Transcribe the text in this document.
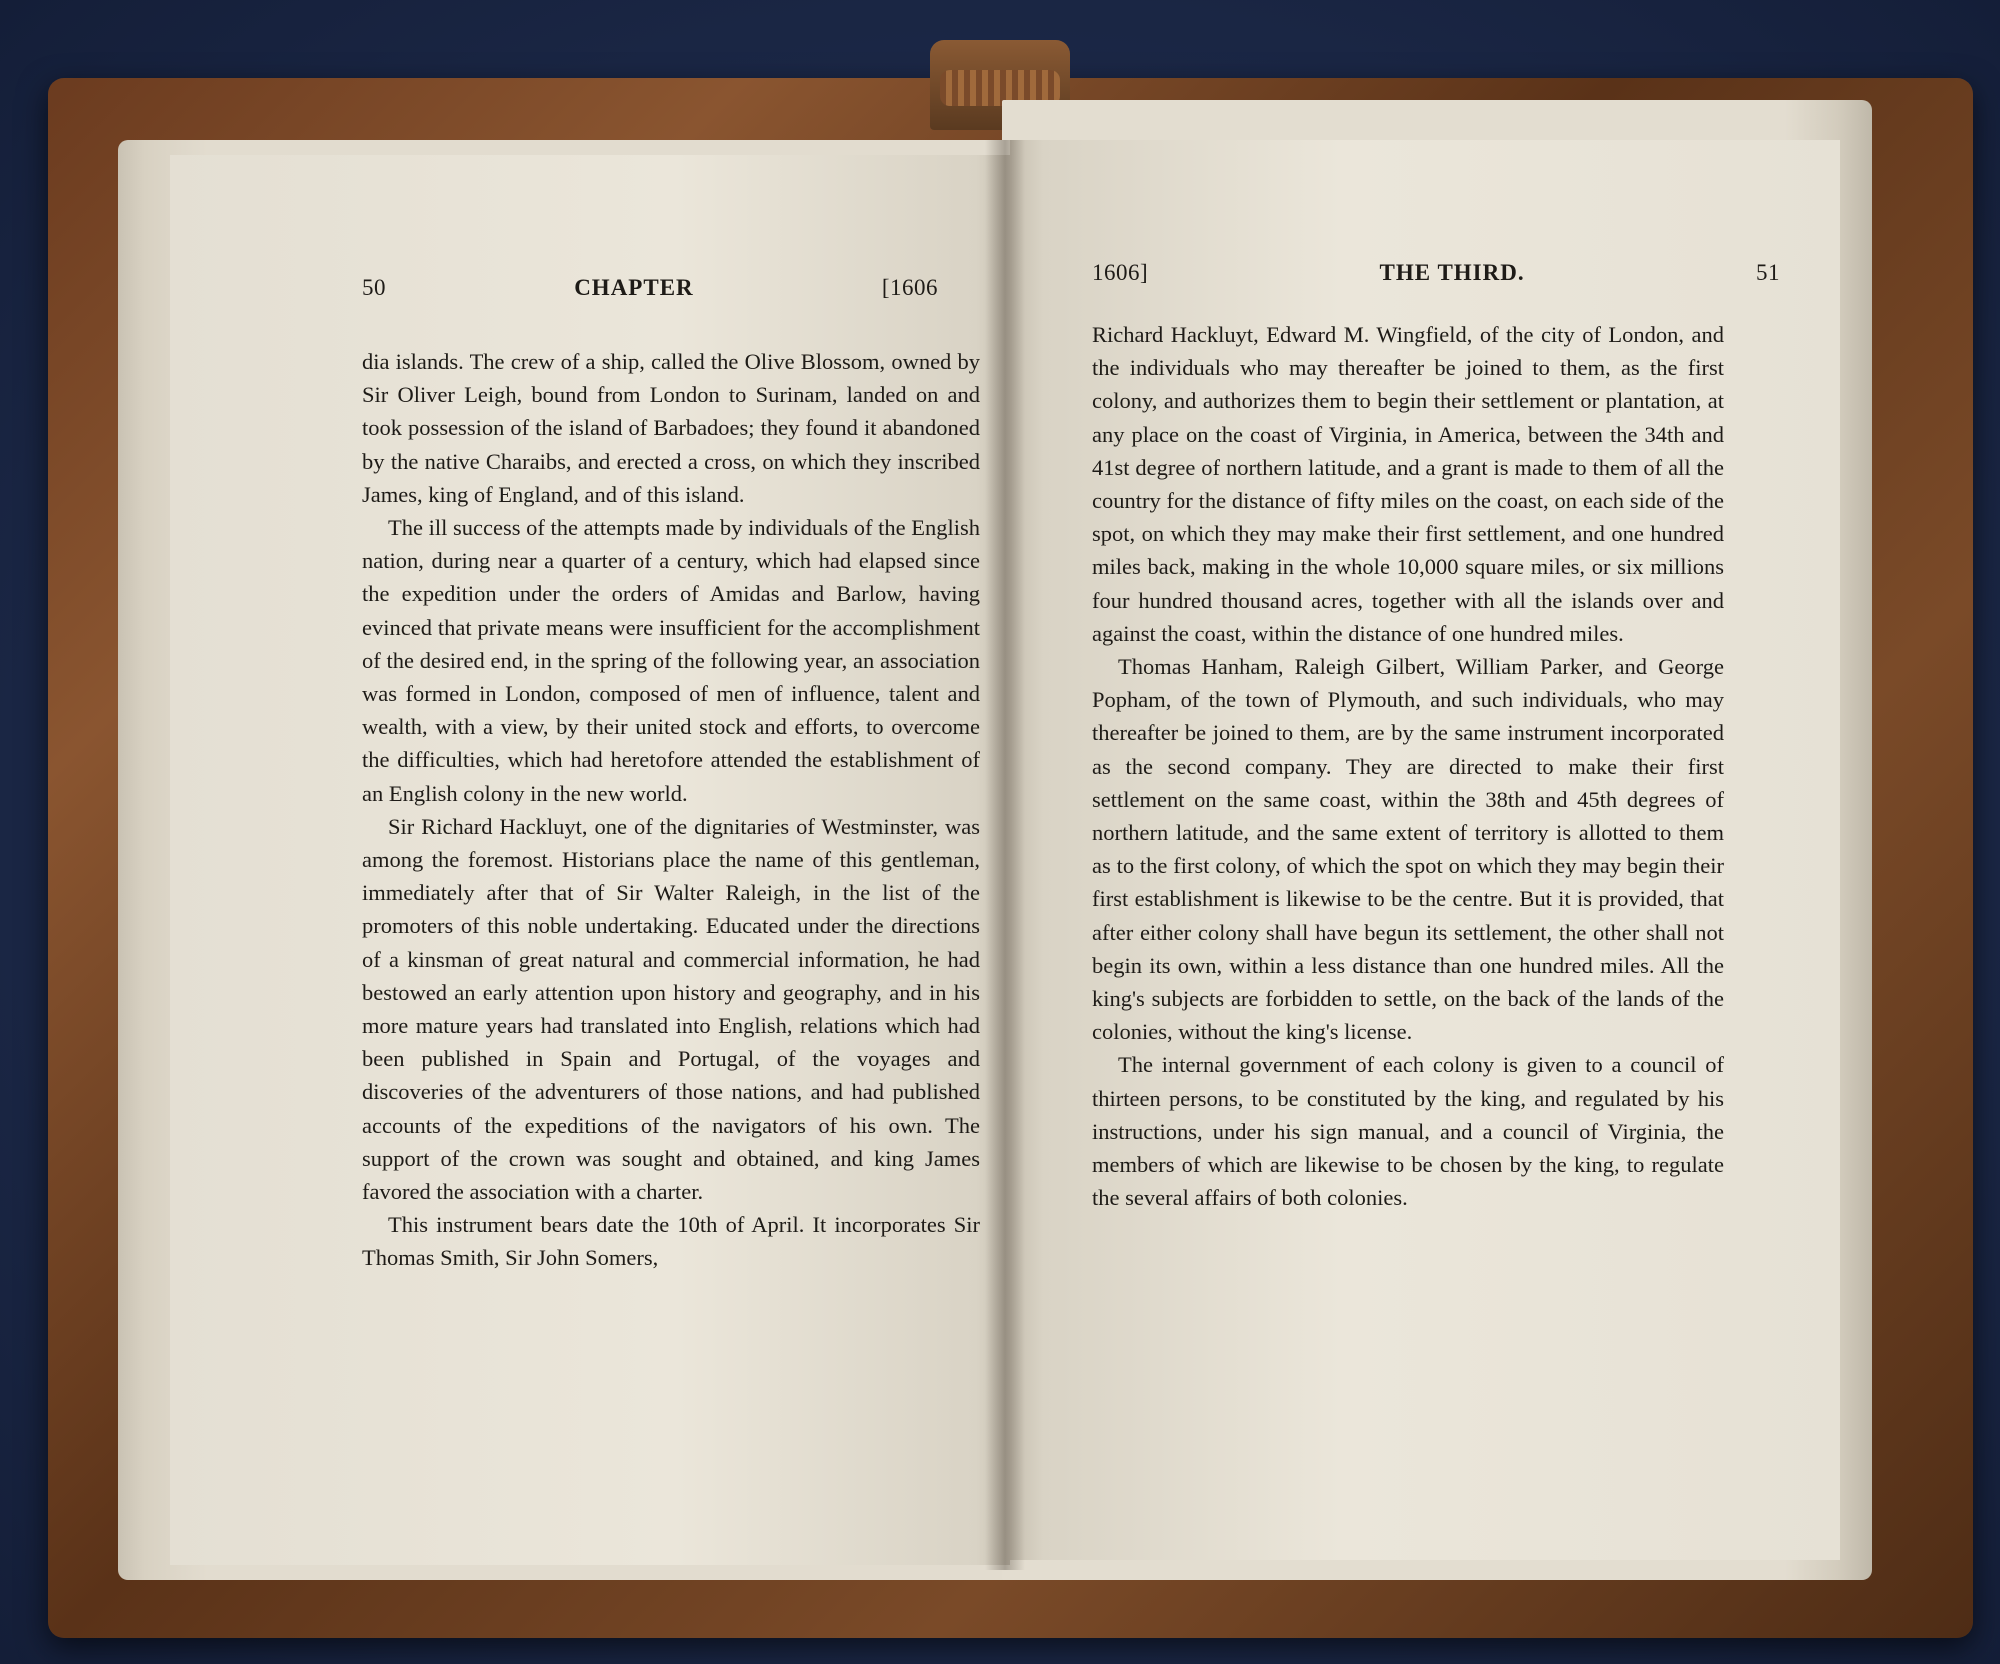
50	CHAPTER	[1606

dia islands. The crew of a ship, called the Olive Blossom, owned by Sir Oliver Leigh, bound from London to Surinam, landed on and took possession of the island of Barbadoes; they found it abandoned by the native Charaibs, and erected a cross, on which they inscribed James, king of England, and of this island.

The ill success of the attempts made by individuals of the English nation, during near a quarter of a century, which had elapsed since the expedition under the orders of Amidas and Barlow, having evinced that private means were insufficient for the accomplishment of the desired end, in the spring of the following year, an association was formed in London, composed of men of influence, talent and wealth, with a view, by their united stock and efforts, to overcome the difficulties, which had heretofore attended the establishment of an English colony in the new world.

Sir Richard Hackluyt, one of the dignitaries of Westminster, was among the foremost. Historians place the name of this gentleman, immediately after that of Sir Walter Raleigh, in the list of the promoters of this noble undertaking. Educated under the directions of a kinsman of great natural and commercial information, he had bestowed an early attention upon history and geography, and in his more mature years had translated into English, relations which had been published in Spain and Portugal, of the voyages and discoveries of the adventurers of those nations, and had published accounts of the expeditions of the navigators of his own. The support of the crown was sought and obtained, and king James favored the association with a charter.

This instrument bears date the 10th of April. It incorporates Sir Thomas Smith, Sir John Somers,

1606]	THE THIRD.	51

Richard Hackluyt, Edward M. Wingfield, of the city of London, and the individuals who may thereafter be joined to them, as the first colony, and authorizes them to begin their settlement or plantation, at any place on the coast of Virginia, in America, between the 34th and 41st degree of northern latitude, and a grant is made to them of all the country for the distance of fifty miles on the coast, on each side of the spot, on which they may make their first settlement, and one hundred miles back, making in the whole 10,000 square miles, or six millions four hundred thousand acres, together with all the islands over and against the coast, within the distance of one hundred miles.

Thomas Hanham, Raleigh Gilbert, William Parker, and George Popham, of the town of Plymouth, and such individuals, who may thereafter be joined to them, are by the same instrument incorporated as the second company. They are directed to make their first settlement on the same coast, within the 38th and 45th degrees of northern latitude, and the same extent of territory is allotted to them as to the first colony, of which the spot on which they may begin their first establishment is likewise to be the centre. But it is provided, that after either colony shall have begun its settlement, the other shall not begin its own, within a less distance than one hundred miles. All the king's subjects are forbidden to settle, on the back of the lands of the colonies, without the king's license.

The internal government of each colony is given to a council of thirteen persons, to be constituted by the king, and regulated by his instructions, under his sign manual, and a council of Virginia, the members of which are likewise to be chosen by the king, to regulate the several affairs of both colonies.
